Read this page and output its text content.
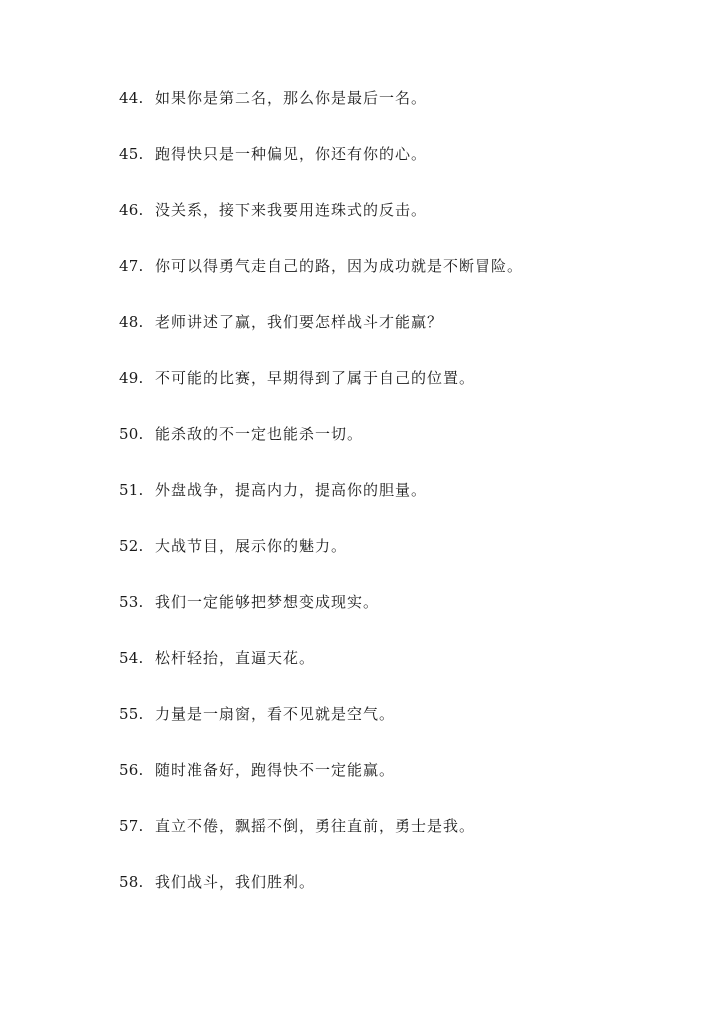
44. 如果你是第二名，那么你是最后一名。
45. 跑得快只是一种偏见，你还有你的心。
46. 没关系，接下来我要用连珠式的反击。
47. 你可以得勇气走自己的路，因为成功就是不断冒险。
48. 老师讲述了赢，我们要怎样战斗才能赢？
49. 不可能的比赛，早期得到了属于自己的位置。
50. 能杀敌的不一定也能杀一切。
51. 外盘战争，提高内力，提高你的胆量。
52. 大战节目，展示你的魅力。
53. 我们一定能够把梦想变成现实。
54. 松杆轻抬，直逼天花。
55. 力量是一扇窗，看不见就是空气。
56. 随时准备好，跑得快不一定能赢。
57. 直立不倦，飘摇不倒，勇往直前，勇士是我。
58. 我们战斗，我们胜利。
